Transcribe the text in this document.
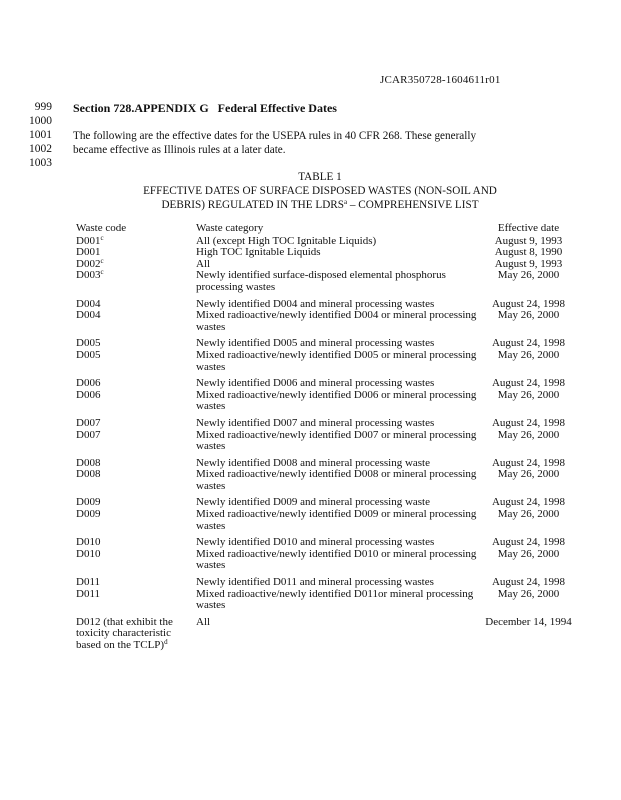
JCAR350728-1604611r01
999
1000
1001
1002
1003
Section 728.APPENDIX G   Federal Effective Dates
The following are the effective dates for the USEPA rules in 40 CFR 268. These generally
became effective as Illinois rules at a later date.
TABLE 1
EFFECTIVE DATES OF SURFACE DISPOSED WASTES (NON-SOIL AND
DEBRIS) REGULATED IN THE LDRS$^a$ – COMPREHENSIVE LIST
Waste code	Waste category	Effective date
D001$^c$	All (except High TOC Ignitable Liquids)	August 9, 1993
D001	High TOC Ignitable Liquids	August 8, 1990
D002$^c$	All	August 9, 1993
D003$^c$	Newly identified surface-disposed elemental phosphorus processing wastes	May 26, 2000
D004	Newly identified D004 and mineral processing wastes	August 24, 1998
D004	Mixed radioactive/newly identified D004 or mineral processing wastes	May 26, 2000
D005	Newly identified D005 and mineral processing wastes	August 24, 1998
D005	Mixed radioactive/newly identified D005 or mineral processing wastes	May 26, 2000
D006	Newly identified D006 and mineral processing wastes	August 24, 1998
D006	Mixed radioactive/newly identified D006 or mineral processing wastes	May 26, 2000
D007	Newly identified D007 and mineral processing wastes	August 24, 1998
D007	Mixed radioactive/newly identified D007 or mineral processing wastes	May 26, 2000
D008	Newly identified D008 and mineral processing waste	August 24, 1998
D008	Mixed radioactive/newly identified D008 or mineral processing wastes	May 26, 2000
D009	Newly identified D009 and mineral processing waste	August 24, 1998
D009	Mixed radioactive/newly identified D009 or mineral processing wastes	May 26, 2000
D010	Newly identified D010 and mineral processing wastes	August 24, 1998
D010	Mixed radioactive/newly identified D010 or mineral processing wastes	May 26, 2000
D011	Newly identified D011 and mineral processing wastes	August 24, 1998
D011	Mixed radioactive/newly identified D011or mineral processing wastes	May 26, 2000
D012 (that exhibit the toxicity characteristic based on the TCLP)$^d$	All	December 14, 1994
